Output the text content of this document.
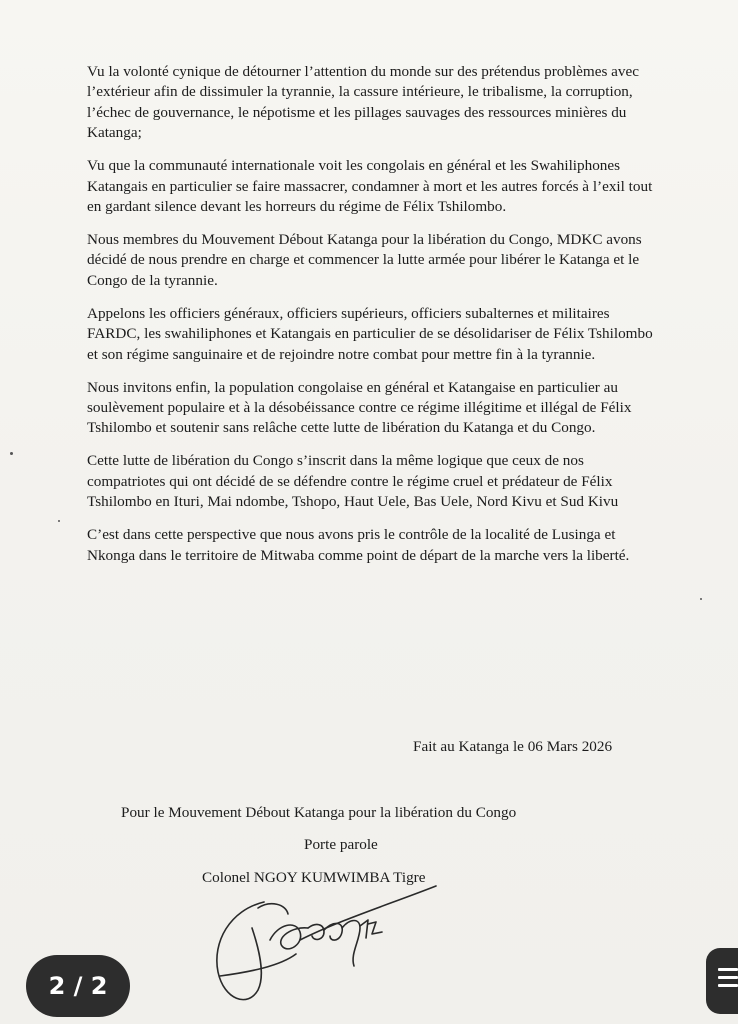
Vu la volonté cynique de détourner l’attention du monde sur des prétendus problèmes avec l’extérieur afin de dissimuler la tyrannie, la cassure intérieure, le tribalisme, la corruption, l’échec de gouvernance, le népotisme et les pillages sauvages des ressources minières du Katanga;

Vu que la communauté internationale voit les congolais en général et les Swahiliphones Katangais en particulier se faire massacrer, condamner à mort et les autres forcés à l’exil tout en gardant silence devant les horreurs du régime de Félix Tshilombo.

Nous membres du Mouvement Débout Katanga pour la libération du Congo, MDKC avons décidé de nous prendre en charge et commencer la lutte armée pour libérer le Katanga et le Congo de la tyrannie.

Appelons les officiers généraux, officiers supérieurs, officiers subalternes et militaires FARDC, les swahiliphones et Katangais en particulier de se désolidariser de Félix Tshilombo et son régime sanguinaire et de rejoindre notre combat pour mettre fin à la tyrannie.

Nous invitons enfin, la population congolaise en général et Katangaise en particulier au soulèvement populaire et à la désobéissance contre ce régime illégitime et illégal de Félix Tshilombo et soutenir sans relâche cette lutte de libération du Katanga et du Congo.

Cette lutte de libération du Congo s’inscrit dans la même logique que ceux de nos compatriotes qui ont décidé de se défendre contre le régime cruel et prédateur de Félix Tshilombo en Ituri, Mai ndombe, Tshopo, Haut Uele, Bas Uele, Nord Kivu et Sud Kivu

C’est dans cette perspective que nous avons pris le contrôle de la localité de Lusinga et Nkonga dans le territoire de Mitwaba comme point de départ de la marche vers la liberté.

Fait au Katanga le 06 Mars 2026
Pour le Mouvement Débout Katanga pour la libération du Congo
Porte parole
Colonel NGOY KUMWIMBA Tigre
2 / 2
